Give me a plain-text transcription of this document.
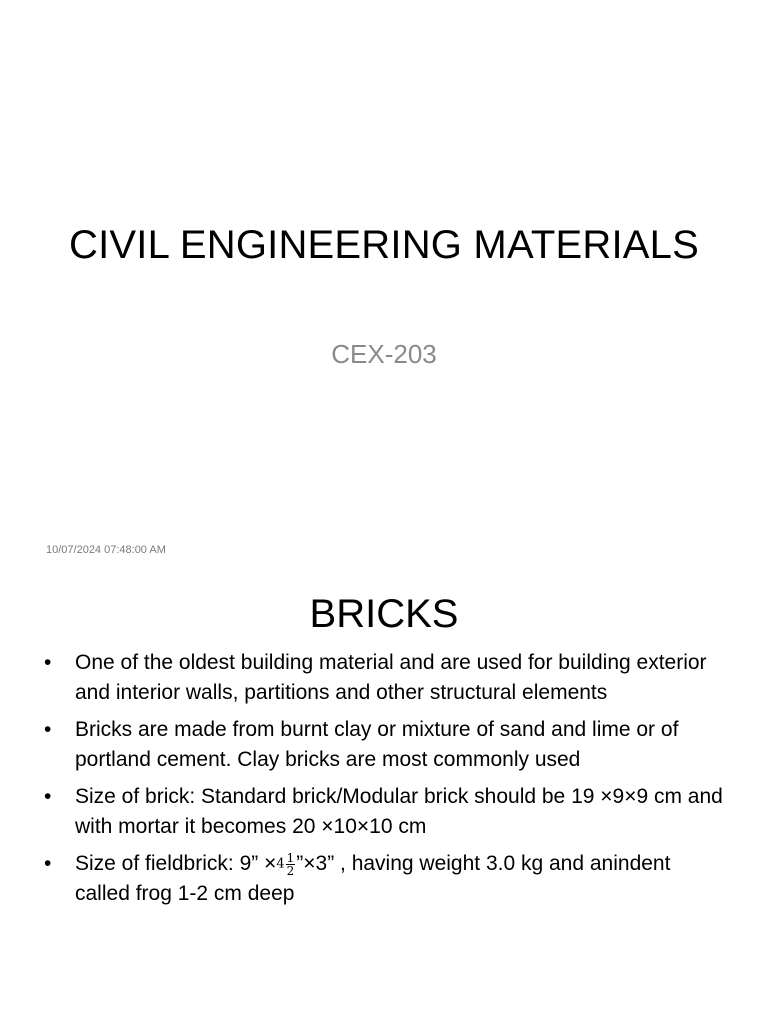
CIVIL ENGINEERING MATERIALS
CEX-203
10/07/2024 07:48:00 AM
BRICKS
• One of the oldest building material and are used for building exterior and interior walls, partitions and other structural elements
• Bricks are made from burnt clay or mixture of sand and lime or of portland cement. Clay bricks are most commonly used
• Size of brick: Standard brick/Modular brick should be 19 ×9×9 cm and with mortar it becomes 20 ×10×10 cm
• Size of fieldbrick: 9” $\times 4 \frac{1}{2}$ ”×3” , having weight 3.0 kg and anindent called frog 1-2 cm deep
